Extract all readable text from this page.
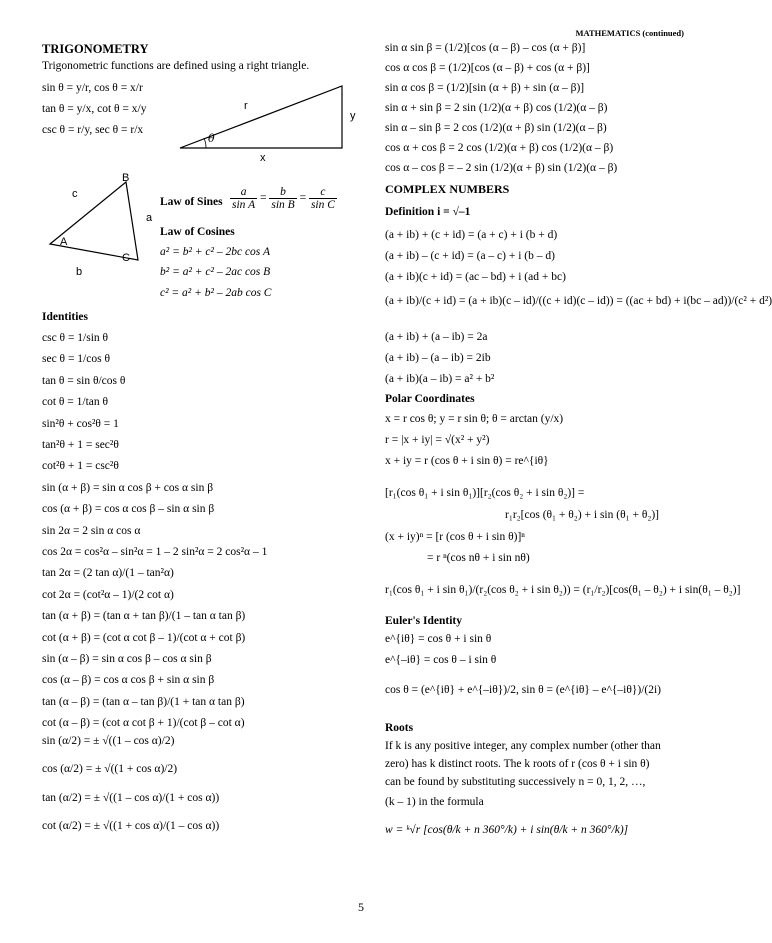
MATHEMATICS (continued)
TRIGONOMETRY
Trigonometric functions are defined using a right triangle.
sin θ = y/r, cos θ = x/r
tan θ = y/x, cot θ = x/y
csc θ = r/y, sec θ = r/x
r
y
x
θ
B
c
a
A
C
b
Law of Sines $\frac{a}{\text{sin A}} = \frac{b}{\text{sin B}} = \frac{c}{\text{sin C}}$
Law of Cosines
a² = b² + c² – 2bc cos A
b² = a² + c² – 2ac cos B
c² = a² + b² – 2ab cos C
Identities
csc θ = 1/sin θ
sec θ = 1/cos θ
tan θ = sin θ/cos θ
cot θ = 1/tan θ
sin²θ + cos²θ = 1
tan²θ + 1 = sec²θ
cot²θ + 1 = csc²θ
sin (α + β) = sin α cos β + cos α sin β
cos (α + β) = cos α cos β – sin α sin β
sin 2α = 2 sin α cos α
cos 2α = cos²α – sin²α = 1 – 2 sin²α = 2 cos²α – 1
tan 2α = (2 tan α)/(1 – tan²α)
cot 2α = (cot²α – 1)/(2 cot α)
tan (α + β) = (tan α + tan β)/(1 – tan α tan β)
cot (α + β) = (cot α cot β – 1)/(cot α + cot β)
sin (α – β) = sin α cos β – cos α sin β
cos (α – β) = cos α cos β + sin α sin β
tan (α – β) = (tan α – tan β)/(1 + tan α tan β)
cot (α – β) = (cot α cot β + 1)/(cot β – cot α)
sin (α/2) = ± √((1 – cos α)/2)
cos (α/2) = ± √((1 + cos α)/2)
tan (α/2) = ± √((1 – cos α)/(1 + cos α))
cot (α/2) = ± √((1 + cos α)/(1 – cos α))
sin α sin β = (1/2)[cos (α – β) – cos (α + β)]
cos α cos β = (1/2)[cos (α – β) + cos (α + β)]
sin α cos β = (1/2)[sin (α + β) + sin (α – β)]
sin α + sin β = 2 sin (1/2)(α + β) cos (1/2)(α – β)
sin α – sin β = 2 cos (1/2)(α + β) sin (1/2)(α – β)
cos α + cos β = 2 cos (1/2)(α + β) cos (1/2)(α – β)
cos α – cos β = – 2 sin (1/2)(α + β) sin (1/2)(α – β)
COMPLEX NUMBERS
Definition i = √–1
(a + ib) + (c + id) = (a + c) + i (b + d)
(a + ib) – (c + id) = (a – c) + i (b – d)
(a + ib)(c + id) = (ac – bd) + i (ad + bc)
(a + ib)/(c + id) = (a + ib)(c – id)/((c + id)(c – id)) = ((ac + bd) + i(bc – ad))/(c² + d²)
(a + ib) + (a – ib) = 2a
(a + ib) – (a – ib) = 2ib
(a + ib)(a – ib) = a² + b²
Polar Coordinates
x = r cos θ; y = r sin θ; θ = arctan (y/x)
r = |x + iy| = √(x² + y²)
x + iy = r (cos θ + i sin θ) = re^{iθ}
[r₁(cos θ₁ + i sin θ₁)][r₂(cos θ₂ + i sin θ₂)] =
r₁r₂[cos (θ₁ + θ₂) + i sin (θ₁ + θ₂)]
(x + iy)ⁿ = [r (cos θ + i sin θ)]ⁿ
= r ⁿ(cos nθ + i sin nθ)
r₁(cos θ₁ + i sin θ₁)/(r₂(cos θ₂ + i sin θ₂)) = (r₁/r₂)[cos(θ₁ – θ₂) + i sin(θ₁ – θ₂)]
Euler's Identity
e^{iθ} = cos θ + i sin θ
e^{–iθ} = cos θ – i sin θ
cos θ = (e^{iθ} + e^{–iθ})/2, sin θ = (e^{iθ} – e^{–iθ})/(2i)
Roots
If k is any positive integer, any complex number (other than
zero) has k distinct roots. The k roots of r (cos θ + i sin θ)
can be found by substituting successively n = 0, 1, 2, …,
(k – 1) in the formula
w = ᵏ√r [cos(θ/k + n 360°/k) + i sin(θ/k + n 360°/k)]
5
